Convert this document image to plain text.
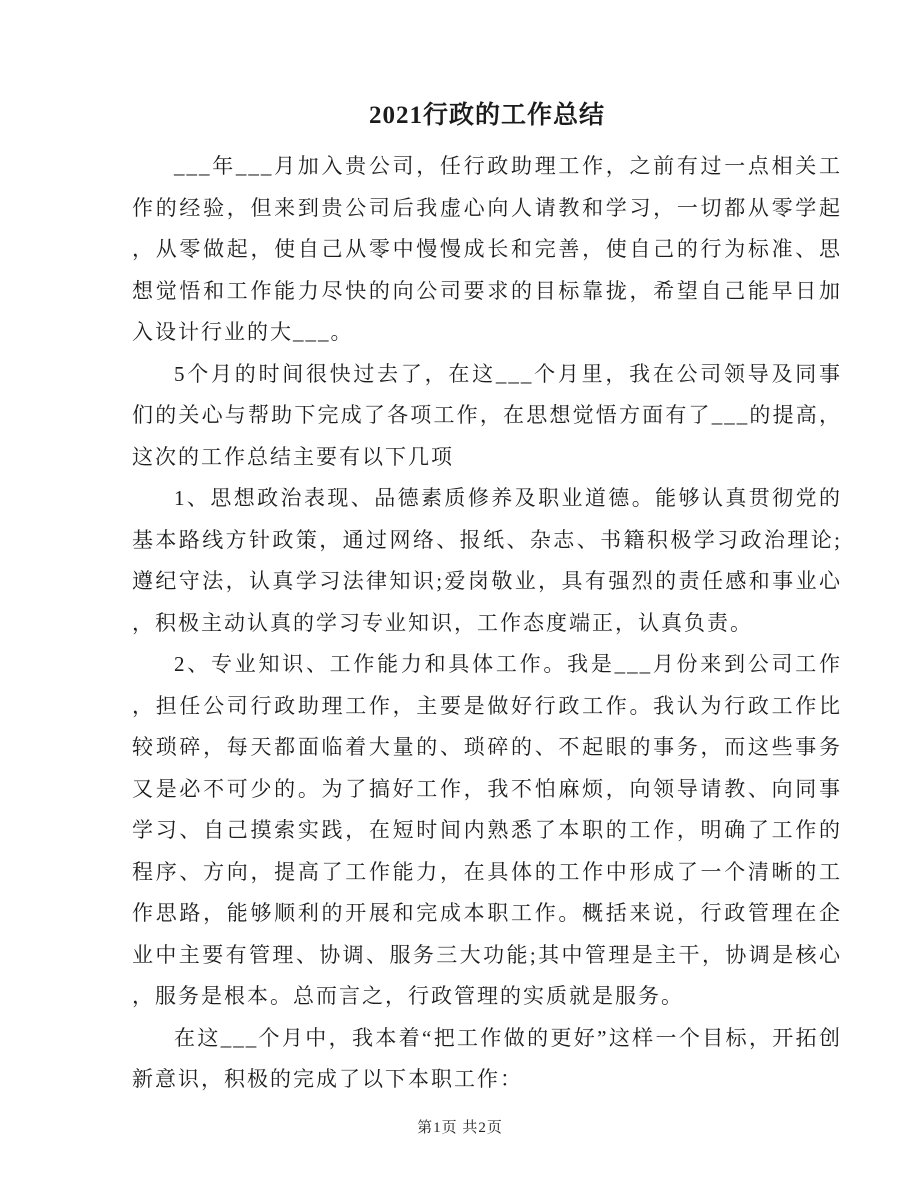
2021行政的工作总结

___年___月加入贵公司，任行政助理工作，之前有过一点相关工作的经验，但来到贵公司后我虚心向人请教和学习，一切都从零学起，从零做起，使自己从零中慢慢成长和完善，使自己的行为标准、思想觉悟和工作能力尽快的向公司要求的目标靠拢，希望自己能早日加入设计行业的大___。

5个月的时间很快过去了，在这___个月里，我在公司领导及同事们的关心与帮助下完成了各项工作，在思想觉悟方面有了___的提高，这次的工作总结主要有以下几项

1、思想政治表现、品德素质修养及职业道德。能够认真贯彻党的基本路线方针政策，通过网络、报纸、杂志、书籍积极学习政治理论;遵纪守法，认真学习法律知识;爱岗敬业，具有强烈的责任感和事业心，积极主动认真的学习专业知识，工作态度端正，认真负责。

2、专业知识、工作能力和具体工作。我是___月份来到公司工作，担任公司行政助理工作，主要是做好行政工作。我认为行政工作比较琐碎，每天都面临着大量的、琐碎的、不起眼的事务，而这些事务又是必不可少的。为了搞好工作，我不怕麻烦，向领导请教、向同事学习、自己摸索实践，在短时间内熟悉了本职的工作，明确了工作的程序、方向，提高了工作能力，在具体的工作中形成了一个清晰的工作思路，能够顺利的开展和完成本职工作。概括来说，行政管理在企业中主要有管理、协调、服务三大功能;其中管理是主干，协调是核心，服务是根本。总而言之，行政管理的实质就是服务。

在这___个月中，我本着“把工作做的更好”这样一个目标，开拓创新意识，积极的完成了以下本职工作：

第1页 共2页
